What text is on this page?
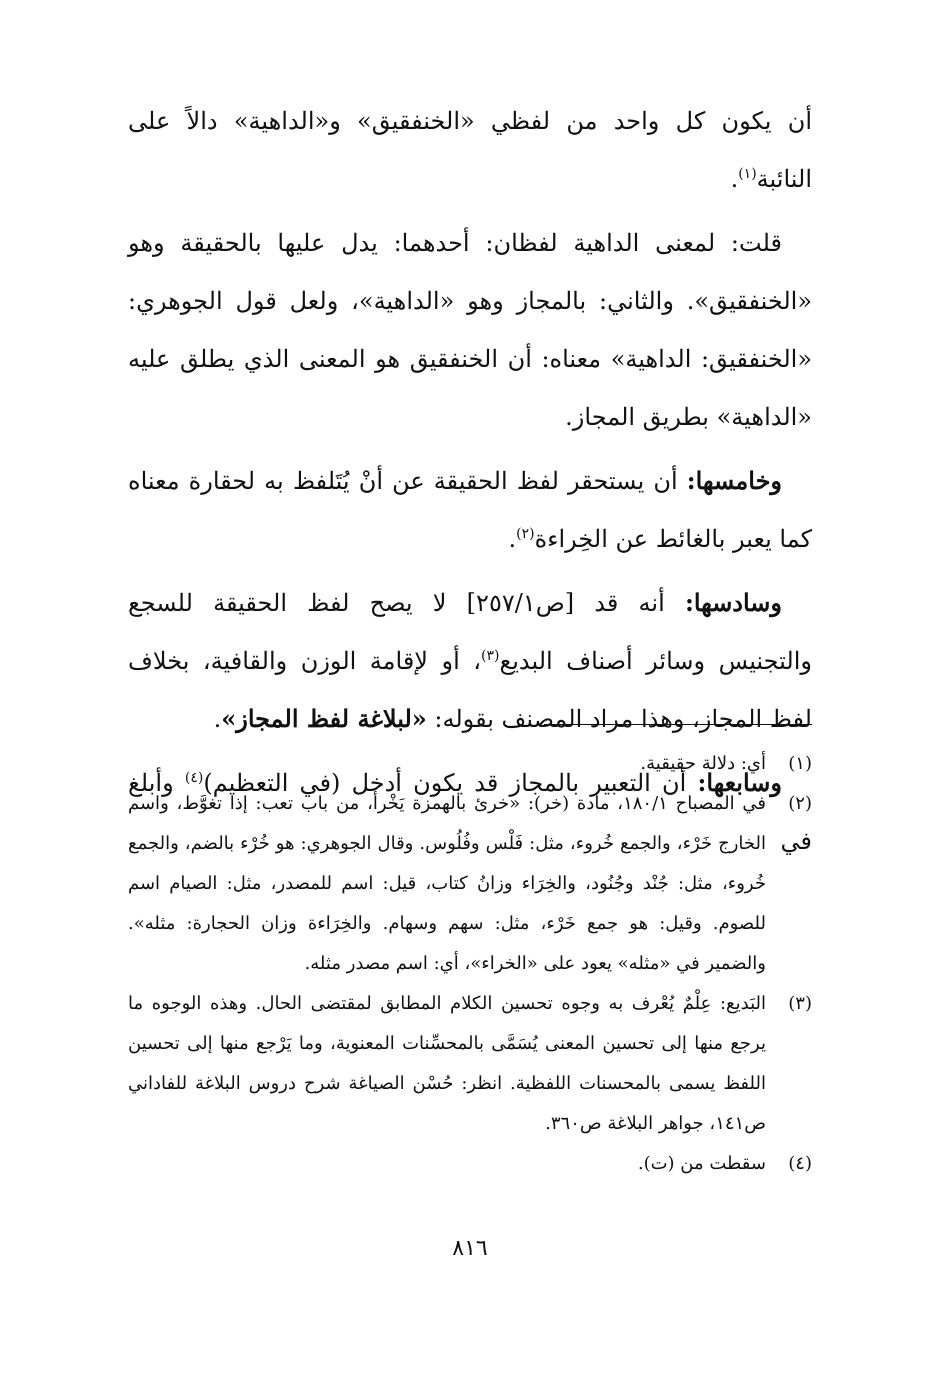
أن يكون كل واحد من لفظي «الخنفقيق» و«الداهية» دالاً على النائبة$^{(١)}$.

قلت: لمعنى الداهية لفظان: أحدهما: يدل عليها بالحقيقة وهو «الخنفقيق». والثاني: بالمجاز وهو «الداهية»، ولعل قول الجوهري: «الخنفقيق: الداهية» معناه: أن الخنفقيق هو المعنى الذي يطلق عليه «الداهية» بطريق المجاز.

وخامسها: أن يستحقر لفظ الحقيقة عن أنْ يُتَلفظ به لحقارة معناه كما يعبر بالغائط عن الخِراءة$^{(٢)}$.

وسادسها: أنه قد [ص٢٥٧/١] لا يصح لفظ الحقيقة للسجع والتجنيس وسائر أصناف البديع$^{(٣)}$، أو لإقامة الوزن والقافية، بخلاف لفظ المجاز، وهذا مراد المصنف بقوله: «لبلاغة لفظ المجاز».

وسابعها: أن التعبير بالمجاز قد يكون أدخل (في التعظيم)$^{(٤)}$ وأبلغ في

(١)
أي: دلالة حقيقية.
(٢)
في المصباح ١٨٠/١، مادة (خر): «خرئ بالهمزة يَخْرأ، من باب تعب: إذا تغوَّط، واسم الخارج خَرْء، والجمع خُروء، مثل: فَلْس وفُلُوس. وقال الجوهري: هو خُرْء بالضم، والجمع خُروء، مثل: جُنْد وجُنُود، والخِرَاء وزانُ كتاب، قيل: اسم للمصدر، مثل: الصيام اسم للصوم. وقيل: هو جمع خَرْء، مثل: سهم وسهام. والخِرَاءة وزان الحجارة: مثله». والضمير في «مثله» يعود على «الخراء»، أي: اسم مصدر مثله.
(٣)
البَديع: عِلْمٌ يُعْرف به وجوه تحسين الكلام المطابق لمقتضى الحال. وهذه الوجوه ما يرجع منها إلى تحسين المعنى يُسَمَّى بالمحسِّنات المعنوية، وما يَرْجع منها إلى تحسين اللفظ يسمى بالمحسنات اللفظية. انظر: حُسْن الصياغة شرح دروس البلاغة للفاداني ص١٤١، جواهر البلاغة ص٣٦٠.
(٤)
سقطت من (ت).
٨١٦
